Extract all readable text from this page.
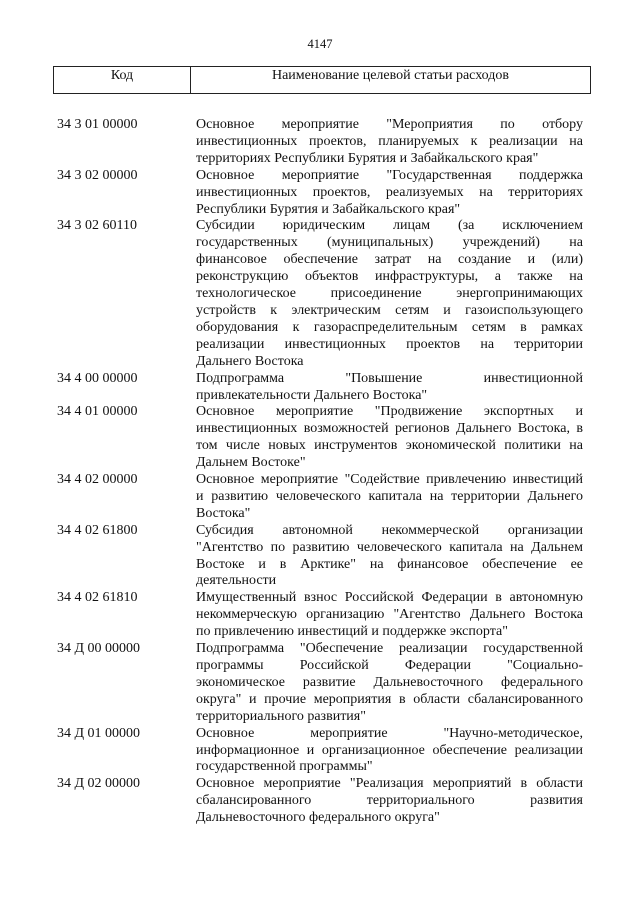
4147
Код	Наименование целевой статьи расходов
34 3 01 00000	Основное мероприятие "Мероприятия по отбору
инвестиционных проектов, планируемых к реализации на
территориях Республики Бурятия и Забайкальского края"
34 3 02 00000	Основное мероприятие "Государственная поддержка
инвестиционных проектов, реализуемых на территориях
Республики Бурятия и Забайкальского края"
34 3 02 60110	Субсидии юридическим лицам (за исключением
государственных (муниципальных) учреждений) на
финансовое обеспечение затрат на создание и (или)
реконструкцию объектов инфраструктуры, а также на
технологическое присоединение энергопринимающих
устройств к электрическим сетям и газоиспользующего
оборудования к газораспределительным сетям в рамках
реализации инвестиционных проектов на территории
Дальнего Востока
34 4 00 00000	Подпрограмма "Повышение инвестиционной
привлекательности Дальнего Востока"
34 4 01 00000	Основное мероприятие "Продвижение экспортных и
инвестиционных возможностей регионов Дальнего Востока, в
том числе новых инструментов экономической политики на
Дальнем Востоке"
34 4 02 00000	Основное мероприятие "Содействие привлечению инвестиций
и развитию человеческого капитала на территории Дальнего
Востока"
34 4 02 61800	Субсидия автономной некоммерческой организации
"Агентство по развитию человеческого капитала на Дальнем
Востоке и в Арктике" на финансовое обеспечение ее
деятельности
34 4 02 61810	Имущественный взнос Российской Федерации в автономную
некоммерческую организацию "Агентство Дальнего Востока
по привлечению инвестиций и поддержке экспорта"
34 Д 00 00000	Подпрограмма "Обеспечение реализации государственной
программы Российской Федерации "Социально-
экономическое развитие Дальневосточного федерального
округа" и прочие мероприятия в области сбалансированного
территориального развития"
34 Д 01 00000	Основное мероприятие "Научно-методическое,
информационное и организационное обеспечение реализации
государственной программы"
34 Д 02 00000	Основное мероприятие "Реализация мероприятий в области
сбалансированного территориального развития
Дальневосточного федерального округа"
